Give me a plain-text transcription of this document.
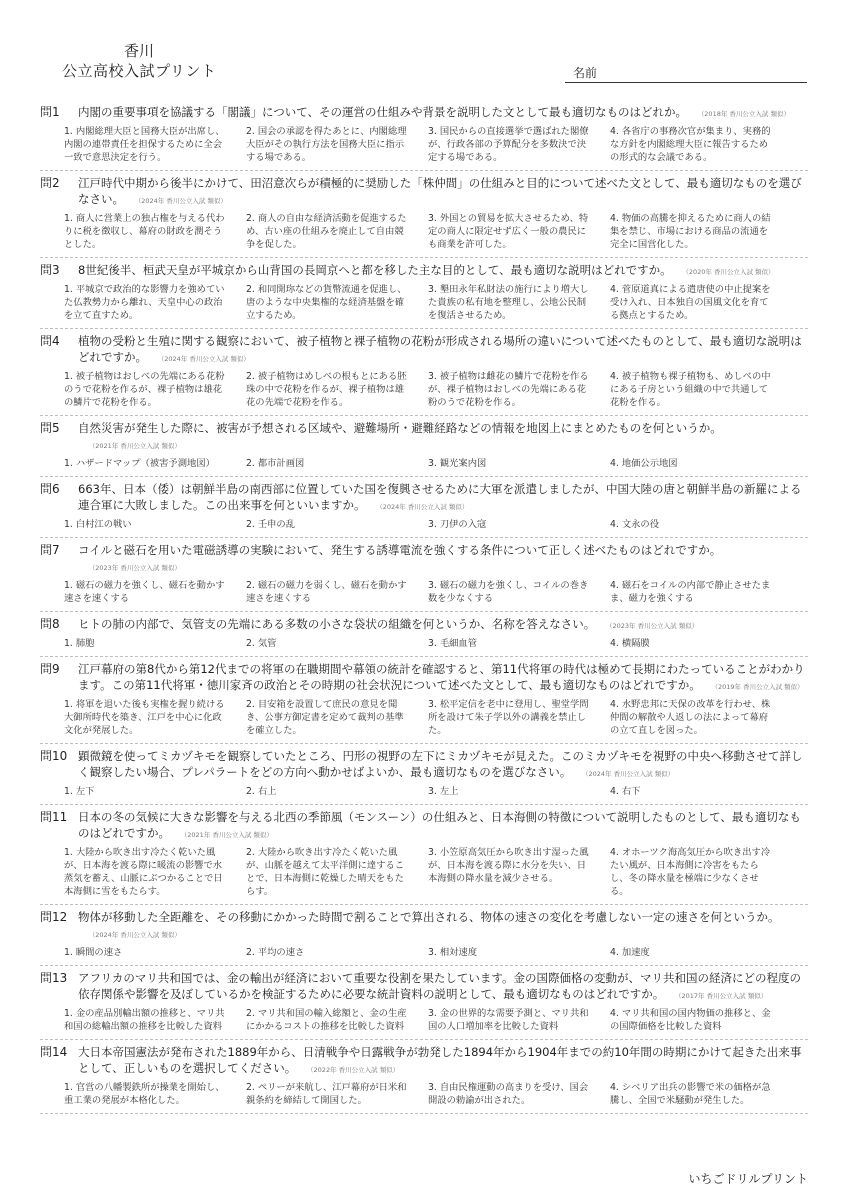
香川
公立高校入試プリント	名前
問1	内閣の重要事項を協議する「閣議」について、その運営の仕組みや背景を説明した文として最も適切なものはどれか。 （2018年 香川公立入試 類似）
1. 内閣総理大臣と国務大臣が出席し、内閣の連帯責任を担保するために全会一致で意思決定を行う。
2. 国会の承認を得たあとに、内閣総理大臣がその執行方法を国務大臣に指示する場である。
3. 国民からの直接選挙で選ばれた閣僚が、行政各部の予算配分を多数決で決定する場である。
4. 各省庁の事務次官が集まり、実務的な方針を内閣総理大臣に報告するための形式的な会議である。
問2	江戸時代中期から後半にかけて、田沼意次らが積極的に奨励した「株仲間」の仕組みと目的について述べた文として、最も適切なものを選びなさい。 （2024年 香川公立入試 類似）
1. 商人に営業上の独占権を与える代わりに税を徴収し、幕府の財政を潤そうとした。
2. 商人の自由な経済活動を促進するため、古い座の仕組みを廃止して自由競争を促した。
3. 外国との貿易を拡大させるため、特定の商人に限定せず広く一般の農民にも商業を許可した。
4. 物価の高騰を抑えるために商人の結集を禁じ、市場における商品の流通を完全に国営化した。
問3	8世紀後半、桓武天皇が平城京から山背国の長岡京へと都を移した主な目的として、最も適切な説明はどれですか。 （2020年 香川公立入試 類似）
1. 平城京で政治的な影響力を強めていた仏教勢力から離れ、天皇中心の政治を立て直すため。
2. 和同開珎などの貨幣流通を促進し、唐のような中央集権的な経済基盤を確立するため。
3. 墾田永年私財法の施行により増大した貴族の私有地を整理し、公地公民制を復活させるため。
4. 菅原道真による遣唐使の中止提案を受け入れ、日本独自の国風文化を育てる拠点とするため。
問4	植物の受粉と生殖に関する観察において、被子植物と裸子植物の花粉が形成される場所の違いについて述べたものとして、最も適切な説明はどれですか。 （2024年 香川公立入試 類似）
1. 被子植物はおしべの先端にある花粉のうで花粉を作るが、裸子植物は雄花の鱗片で花粉を作る。
2. 被子植物はめしべの根もとにある胚珠の中で花粉を作るが、裸子植物は雄花の先端で花粉を作る。
3. 被子植物は雌花の鱗片で花粉を作るが、裸子植物はおしべの先端にある花粉のうで花粉を作る。
4. 被子植物も裸子植物も、めしべの中にある子房という組織の中で共通して花粉を作る。
問5	自然災害が発生した際に、被害が予想される区域や、避難場所・避難経路などの情報を地図上にまとめたものを何というか。（2021年 香川公立入試 類似）
1. ハザードマップ（被害予測地図）	2. 都市計画図	3. 観光案内図	4. 地価公示地図
問6	663年、日本（倭）は朝鮮半島の南西部に位置していた国を復興させるために大軍を派遣しましたが、中国大陸の唐と朝鮮半島の新羅による連合軍に大敗しました。この出来事を何といいますか。 （2024年 香川公立入試 類似）
1. 白村江の戦い	2. 壬申の乱	3. 刀伊の入寇	4. 文永の役
問7	コイルと磁石を用いた電磁誘導の実験において、発生する誘導電流を強くする条件について正しく述べたものはどれですか。（2023年 香川公立入試 類似）
1. 磁石の磁力を強くし、磁石を動かす速さを速くする
2. 磁石の磁力を弱くし、磁石を動かす速さを速くする
3. 磁石の磁力を強くし、コイルの巻き数を少なくする
4. 磁石をコイルの内部で静止させたまま、磁力を強くする
問8	ヒトの肺の内部で、気管支の先端にある多数の小さな袋状の組織を何というか、名称を答えなさい。 （2023年 香川公立入試 類似）
1. 肺胞	2. 気管	3. 毛細血管	4. 横隔膜
問9	江戸幕府の第8代から第12代までの将軍の在職期間や幕領の統計を確認すると、第11代将軍の時代は極めて長期にわたっていることがわかります。この第11代将軍・徳川家斉の政治とその時期の社会状況について述べた文として、最も適切なものはどれですか。 （2019年 香川公立入試 類似）
1. 将軍を退いた後も実権を握り続ける大御所時代を築き、江戸を中心に化政文化が発展した。
2. 目安箱を設置して庶民の意見を聞き、公事方御定書を定めて裁判の基準を確立した。
3. 松平定信を老中に登用し、聖堂学問所を設けて朱子学以外の講義を禁止した。
4. 水野忠邦に天保の改革を行わせ、株仲間の解散や人返しの法によって幕府の立て直しを図った。
問10 顕微鏡を使ってミカヅキモを観察していたところ、円形の視野の左下にミカヅキモが見えた。このミカヅキモを視野の中央へ移動させて詳しく観察したい場合、プレパラートをどの方向へ動かせばよいか、最も適切なものを選びなさい。 （2024年 香川公立入試 類似）
1. 左下	2. 右上	3. 左上	4. 右下
問11 日本の冬の気候に大きな影響を与える北西の季節風（モンスーン）の仕組みと、日本海側の特徴について説明したものとして、最も適切なものはどれですか。 （2021年 香川公立入試 類似）
1. 大陸から吹き出す冷たく乾いた風が、日本海を渡る際に暖流の影響で水蒸気を蓄え、山脈にぶつかることで日本海側に雪をもたらす。
2. 大陸から吹き出す冷たく乾いた風が、山脈を越えて太平洋側に達することで、日本海側に乾燥した晴天をもたらす。
3. 小笠原高気圧から吹き出す湿った風が、日本海を渡る際に水分を失い、日本海側の降水量を減少させる。
4. オホーツク海高気圧から吹き出す冷たい風が、日本海側に冷害をもたらし、冬の降水量を極端に少なくさせる。
問12 物体が移動した全距離を、その移動にかかった時間で割ることで算出される、物体の速さの変化を考慮しない一定の速さを何というか。（2024年 香川公立入試 類似）
1. 瞬間の速さ	2. 平均の速さ	3. 相対速度	4. 加速度
問13 アフリカのマリ共和国では、金の輸出が経済において重要な役割を果たしています。金の国際価格の変動が、マリ共和国の経済にどの程度の依存関係や影響を及ぼしているかを検証するために必要な統計資料の説明として、最も適切なものはどれですか。 （2017年 香川公立入試 類似）
1. 金の産品別輸出額の推移と、マリ共和国の総輸出額の推移を比較した資料
2. マリ共和国の輸入総額と、金の生産にかかるコストの推移を比較した資料
3. 金の世界的な需要予測と、マリ共和国の人口増加率を比較した資料
4. マリ共和国の国内物価の推移と、金の国際価格を比較した資料
問14 大日本帝国憲法が発布された1889年から、日清戦争や日露戦争が勃発した1894年から1904年までの約10年間の時期にかけて起きた出来事として、正しいものを選択してください。 （2022年 香川公立入試 類似）
1. 官営の八幡製鉄所が操業を開始し、重工業の発展が本格化した。
2. ペリーが来航し、江戸幕府が日米和親条約を締結して開国した。
3. 自由民権運動の高まりを受け、国会開設の勅諭が出された。
4. シベリア出兵の影響で米の価格が急騰し、全国で米騒動が発生した。
いちごドリルプリント
